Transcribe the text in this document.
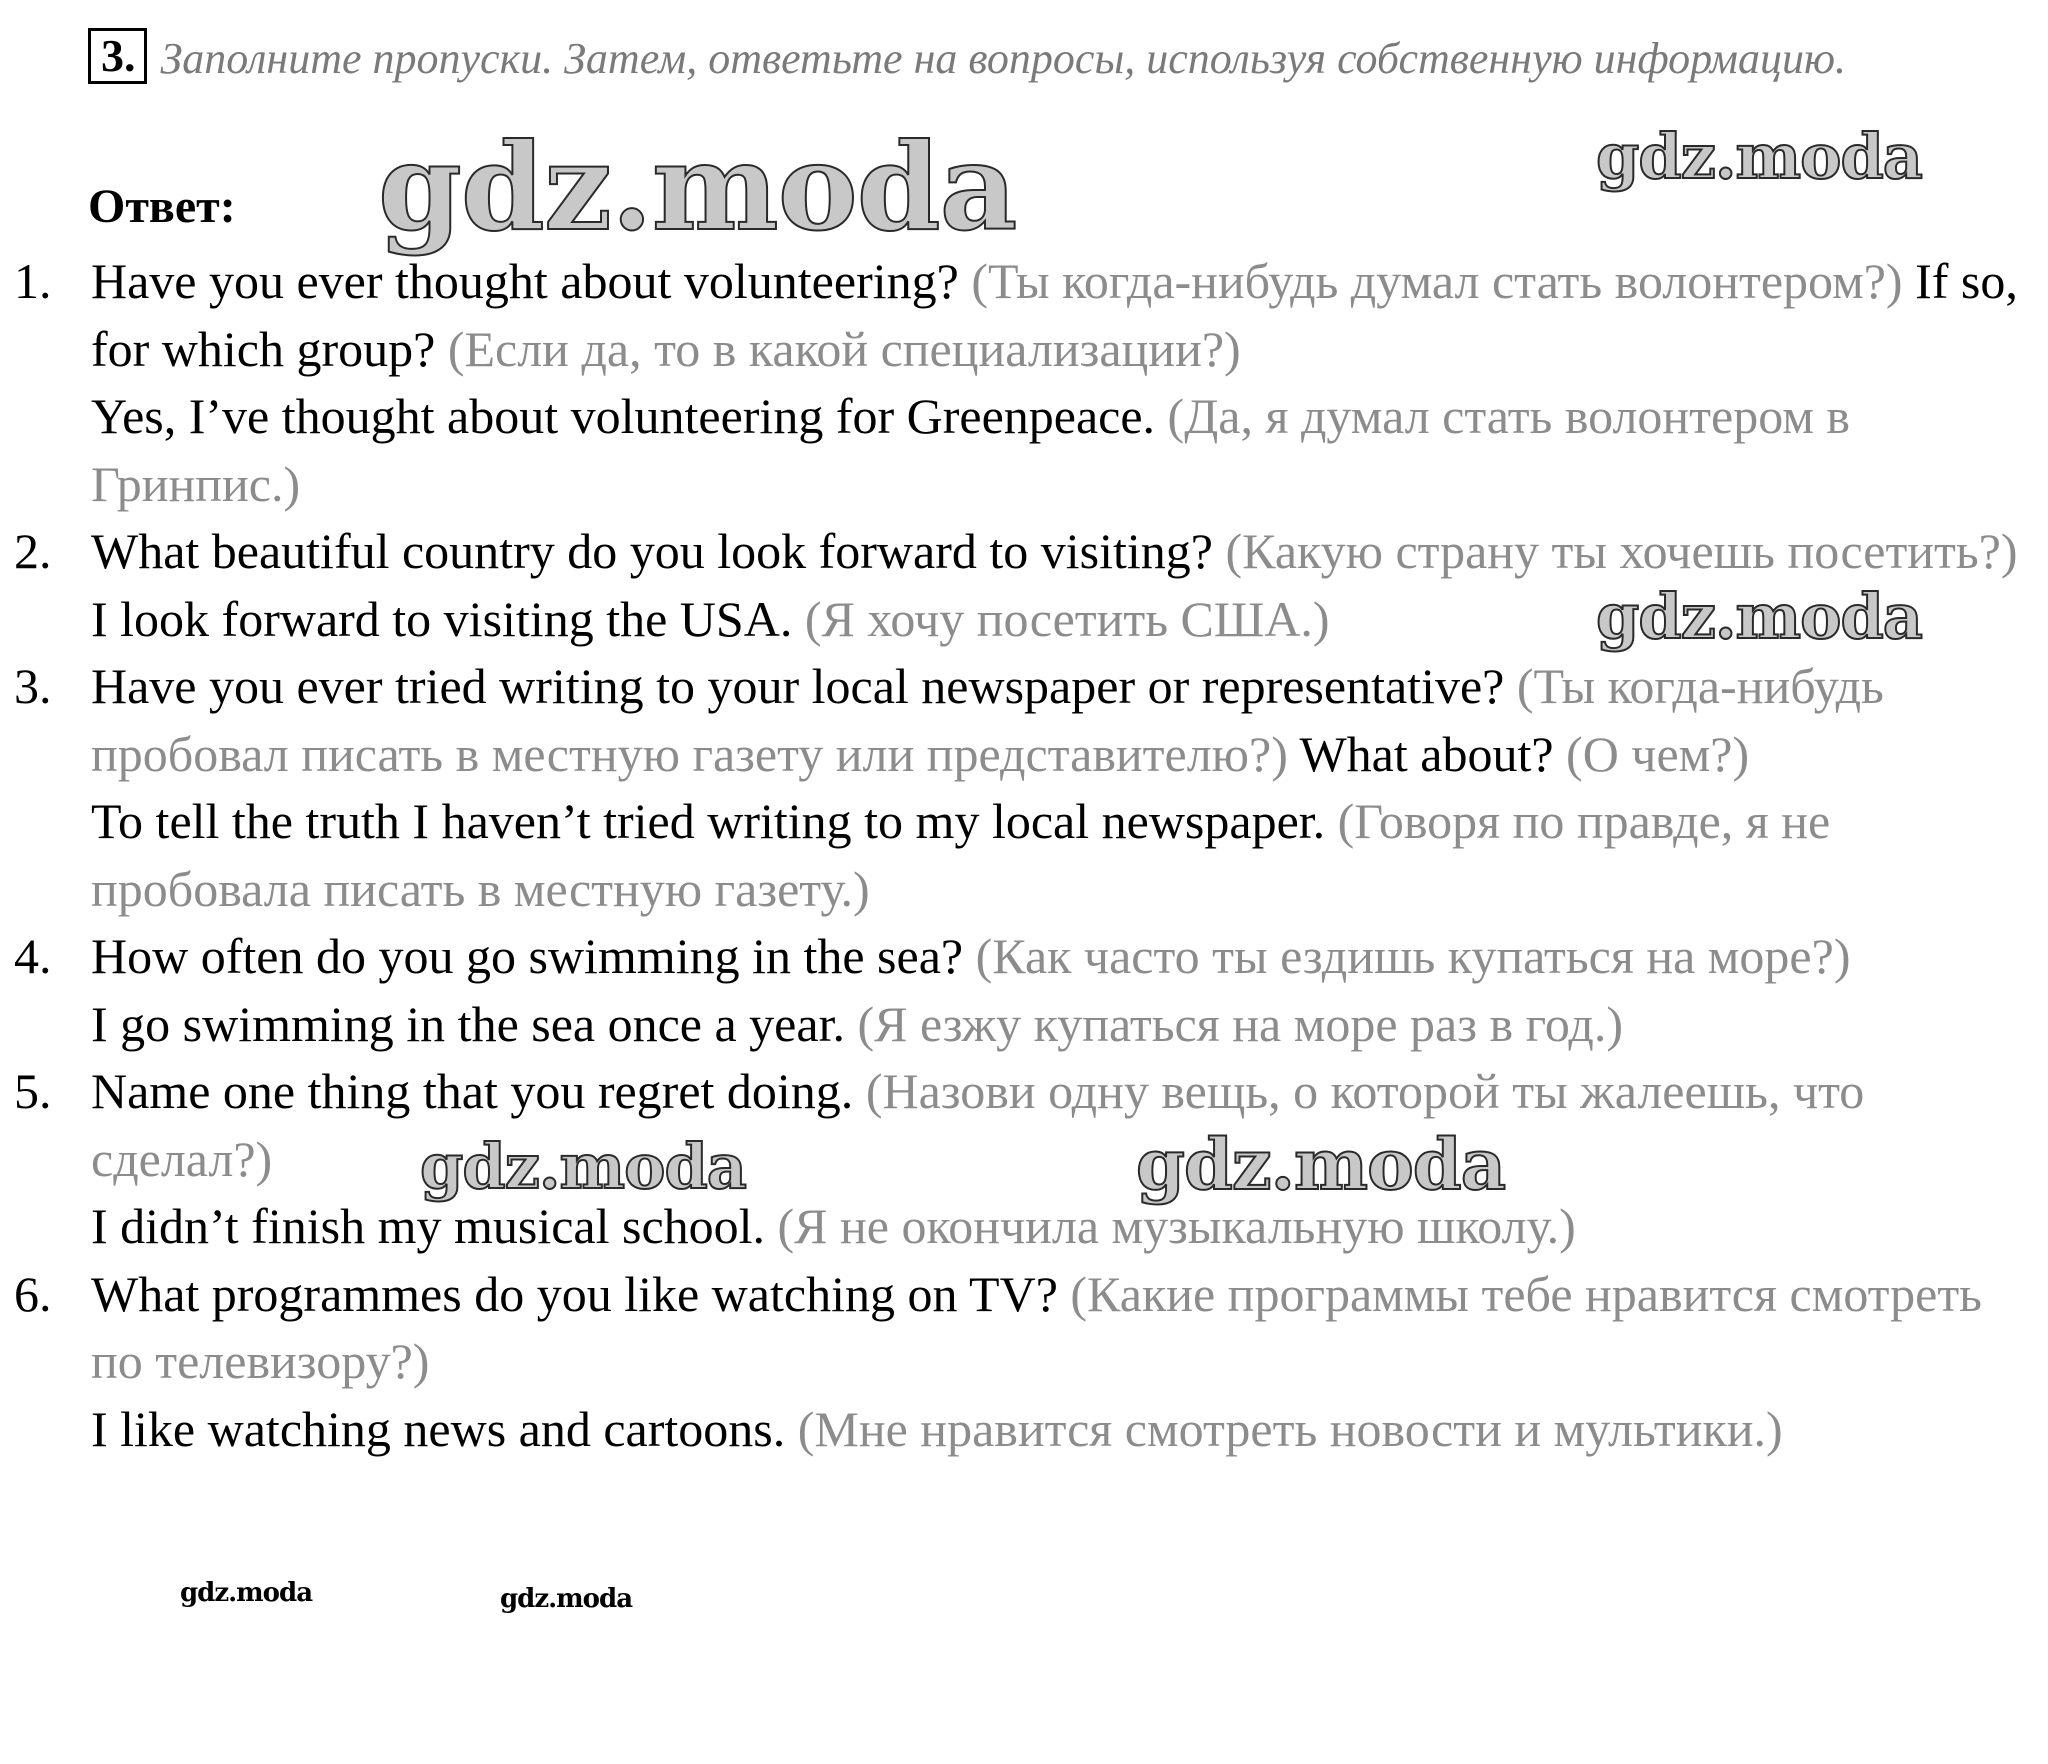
3. Заполните пропуски. Затем, ответьте на вопросы, используя собственную информацию.
Ответ: gdz.moda	gdz.moda
gdz.moda
gdz.moda	gdz.moda
gdz.moda	gdz.moda
1. Have you ever thought about volunteering? (Ты когда-нибудь думал стать волонтером?) If so, for which group? (Если да, то в какой специализации?)
Yes, I’ve thought about volunteering for Greenpeace. (Да, я думал стать волонтером в Гринпис.)
2. What beautiful country do you look forward to visiting? (Какую страну ты хочешь посетить?)
I look forward to visiting the USA. (Я хочу посетить США.)
3. Have you ever tried writing to your local newspaper or representative? (Ты когда-нибудь пробовал писать в местную газету или представителю?) What about? (О чем?)
To tell the truth I haven’t tried writing to my local newspaper. (Говоря по правде, я не пробовала писать в местную газету.)
4. How often do you go swimming in the sea? (Как часто ты ездишь купаться на море?)
I go swimming in the sea once a year. (Я езжу купаться на море раз в год.)
5. Name one thing that you regret doing. (Назови одну вещь, о которой ты жалеешь, что сделал?)
I didn’t finish my musical school. (Я не окончила музыкальную школу.)
6. What programmes do you like watching on TV? (Какие программы тебе нравится смотреть по телевизору?)
I like watching news and cartoons. (Мне нравится смотреть новости и мультики.)
